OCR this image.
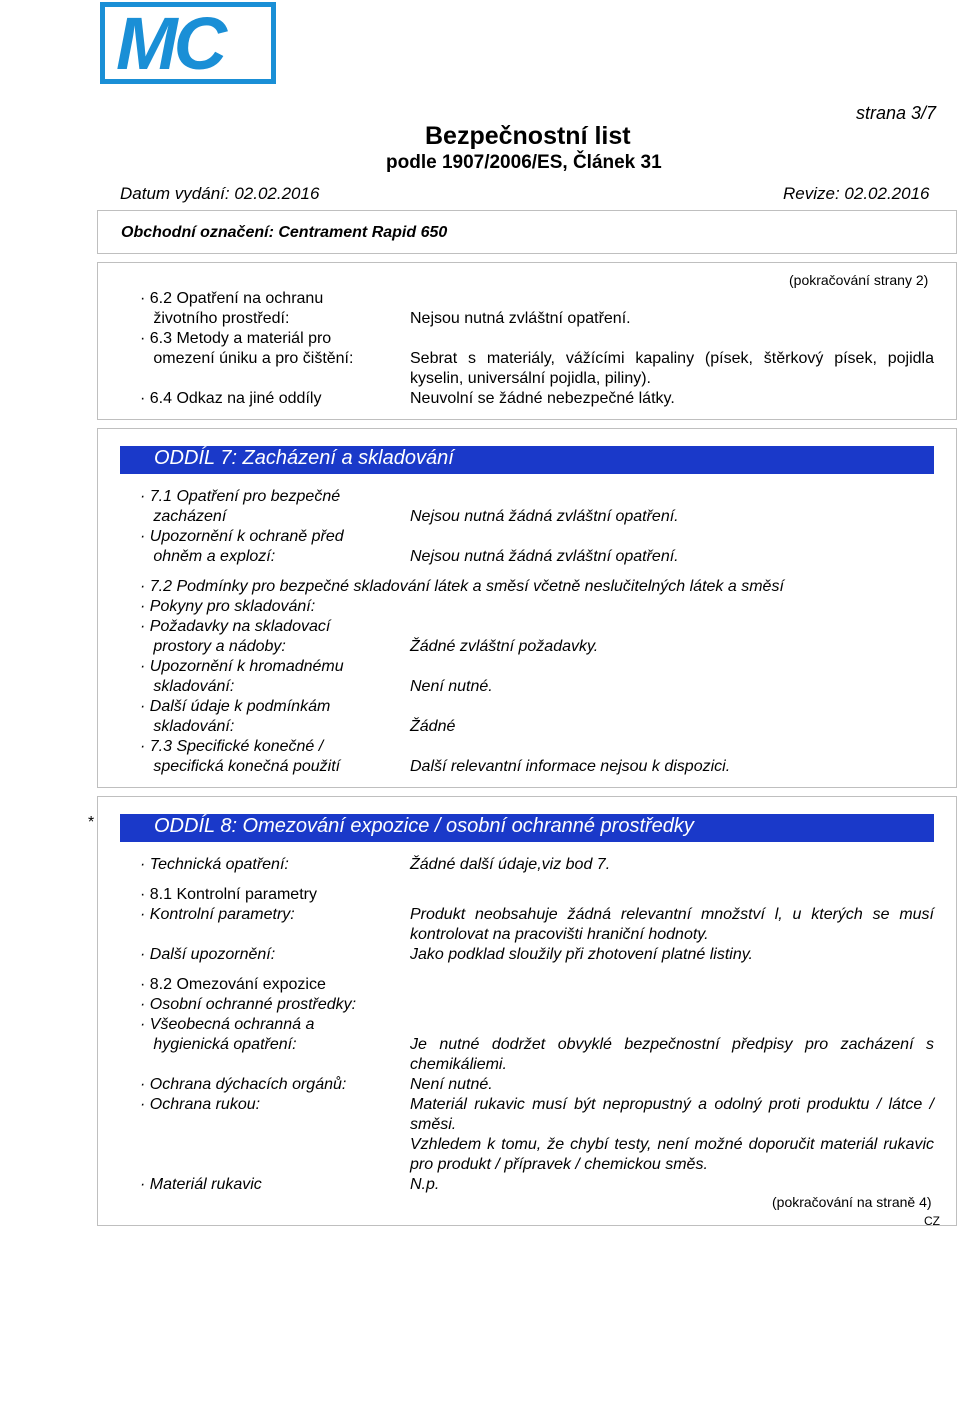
MC
strana 3/7
Bezpečnostní list
podle 1907/2006/ES, Článek 31
Datum vydání: 02.02.2016	Revize: 02.02.2016
Obchodní označení: Centrament Rapid 650
(pokračování strany 2)
· 6.2 Opatření na ochranu
životního prostředí:	Nejsou nutná zvláštní opatření.
· 6.3 Metody a materiál pro
omezení úniku a pro čištění:	Sebrat s materiály, vážícími kapaliny (písek, štěrkový písek, pojidla kyselin, universální pojidla, piliny).
· 6.4 Odkaz na jiné oddíly	Neuvolní se žádné nebezpečné látky.
ODDÍL 7: Zacházení a skladování
· 7.1 Opatření pro bezpečné
zacházení	Nejsou nutná žádná zvláštní opatření.
· Upozornění k ochraně před
ohněm a explozí:	Nejsou nutná žádná zvláštní opatření.
· 7.2 Podmínky pro bezpečné skladování látek a směsí včetně neslučitelných látek a směsí
· Pokyny pro skladování:
· Požadavky na skladovací
prostory a nádoby:	Žádné zvláštní požadavky.
· Upozornění k hromadnému
skladování:	Není nutné.
· Další údaje k podmínkám
skladování:	Žádné
· 7.3 Specifické konečné /
specifická konečná použití	Další relevantní informace nejsou k dispozici.
*	ODDÍL 8: Omezování expozice / osobní ochranné prostředky
· Technická opatření:	Žádné další údaje,viz bod 7.
· 8.1 Kontrolní parametry
· Kontrolní parametry:	Produkt neobsahuje žádná relevantní množství l, u kterých se musí kontrolovat na pracovišti hraniční hodnoty.
· Další upozornění:	Jako podklad sloužily při zhotovení platné listiny.
· 8.2 Omezování expozice
· Osobní ochranné prostředky:
· Všeobecná ochranná a
hygienická opatření:	Je nutné dodržet obvyklé bezpečnostní předpisy pro zacházení s chemikáliemi.
· Ochrana dýchacích orgánů:	Není nutné.
· Ochrana rukou:	Materiál rukavic musí být nepropustný a odolný proti produktu / látce / směsi.
Vzhledem k tomu, že chybí testy, není možné doporučit materiál rukavic pro produkt / přípravek / chemickou směs.
· Materiál rukavic	N.p.
(pokračování na straně 4)
CZ
